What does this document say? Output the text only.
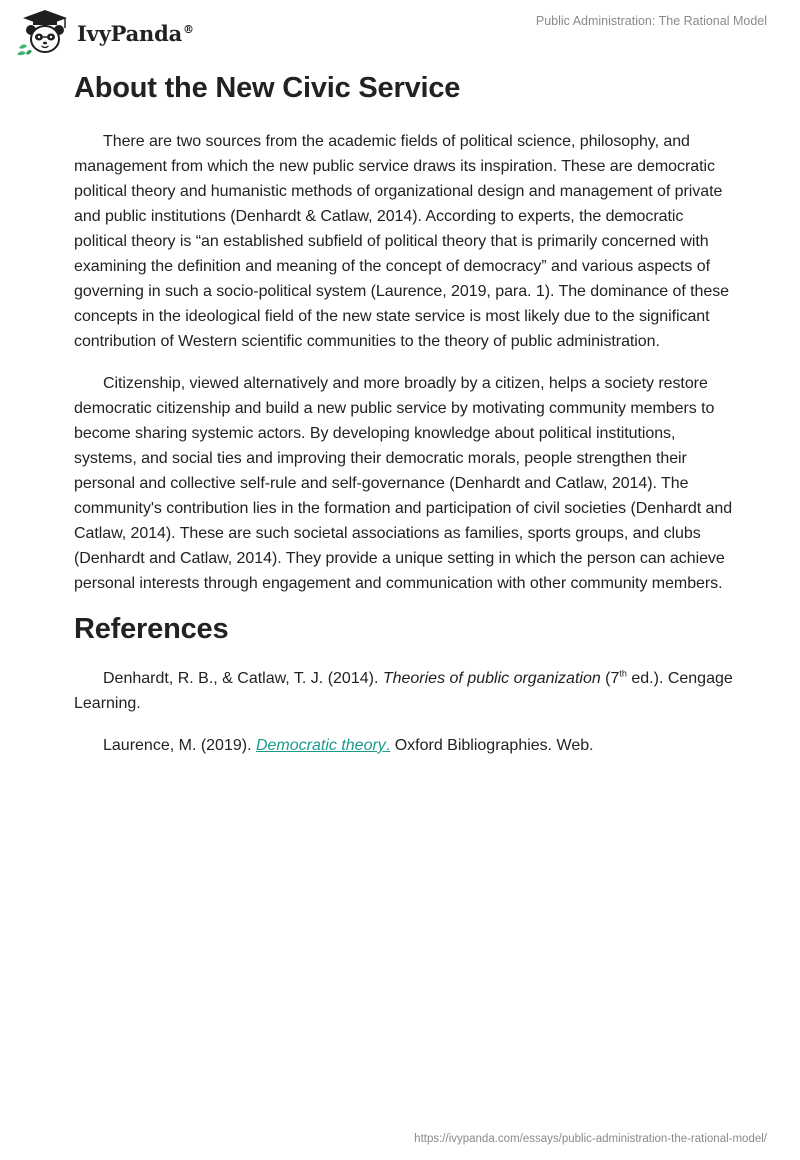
IvyPanda®
Public Administration: The Rational Model
About the New Civic Service

There are two sources from the academic fields of political science, philosophy, and management from which the new public service draws its inspiration. These are democratic political theory and humanistic methods of organizational design and management of private and public institutions (Denhardt & Catlaw, 2014). According to experts, the democratic political theory is “an established subfield of political theory that is primarily concerned with examining the definition and meaning of the concept of democracy” and various aspects of governing in such a socio-political system (Laurence, 2019, para. 1). The dominance of these concepts in the ideological field of the new state service is most likely due to the significant contribution of Western scientific communities to the theory of public administration.

Citizenship, viewed alternatively and more broadly by a citizen, helps a society restore democratic citizenship and build a new public service by motivating community members to become sharing systemic actors. By developing knowledge about political institutions, systems, and social ties and improving their democratic morals, people strengthen their personal and collective self-rule and self-governance (Denhardt and Catlaw, 2014). The community's contribution lies in the formation and participation of civil societies (Denhardt and Catlaw, 2014). These are such societal associations as families, sports groups, and clubs (Denhardt and Catlaw, 2014). They provide a unique setting in which the person can achieve personal interests through engagement and communication with other community members.

References

Denhardt, R. B., & Catlaw, T. J. (2014). Theories of public organization (7th ed.). Cengage Learning.

Laurence, M. (2019). Democratic theory. Oxford Bibliographies. Web.

https://ivypanda.com/essays/public-administration-the-rational-model/
